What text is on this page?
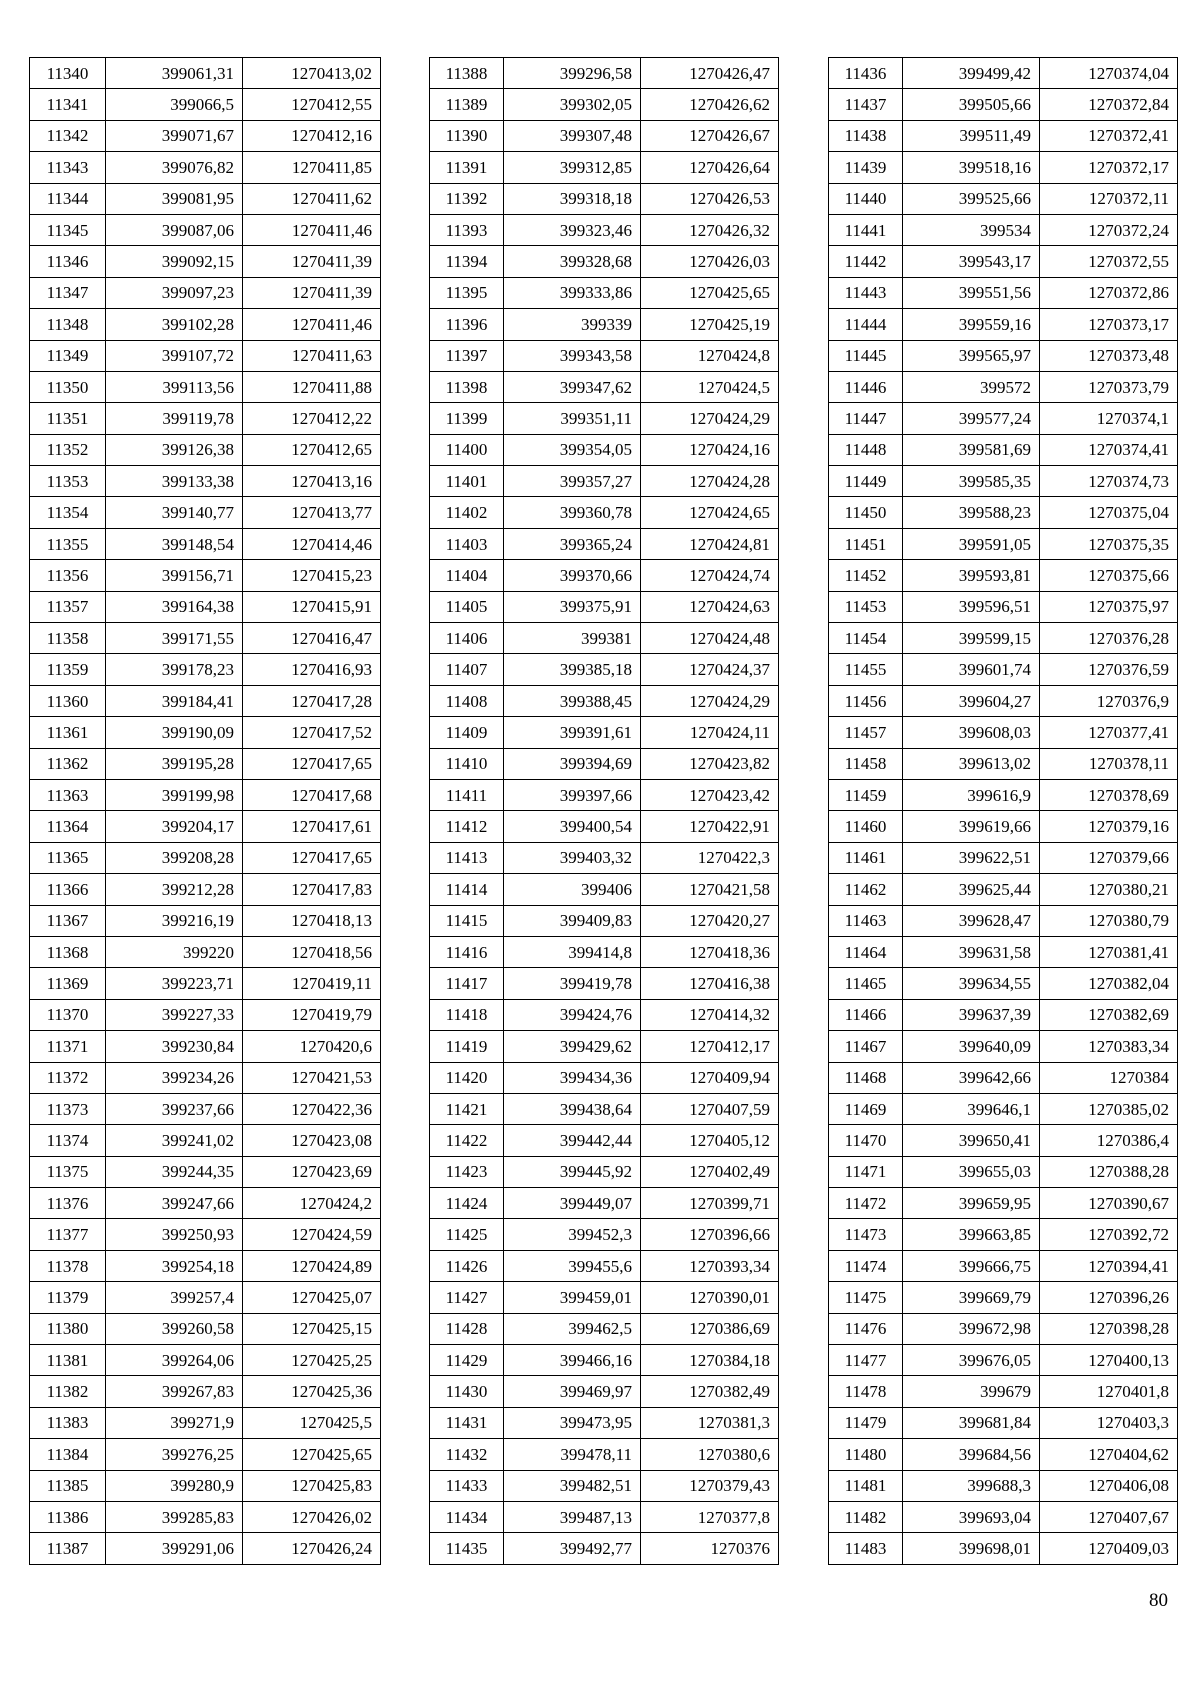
11340	399061,31	1270413,02
11341	399066,5	1270412,55
11342	399071,67	1270412,16
11343	399076,82	1270411,85
11344	399081,95	1270411,62
11345	399087,06	1270411,46
11346	399092,15	1270411,39
11347	399097,23	1270411,39
11348	399102,28	1270411,46
11349	399107,72	1270411,63
11350	399113,56	1270411,88
11351	399119,78	1270412,22
11352	399126,38	1270412,65
11353	399133,38	1270413,16
11354	399140,77	1270413,77
11355	399148,54	1270414,46
11356	399156,71	1270415,23
11357	399164,38	1270415,91
11358	399171,55	1270416,47
11359	399178,23	1270416,93
11360	399184,41	1270417,28
11361	399190,09	1270417,52
11362	399195,28	1270417,65
11363	399199,98	1270417,68
11364	399204,17	1270417,61
11365	399208,28	1270417,65
11366	399212,28	1270417,83
11367	399216,19	1270418,13
11368	399220	1270418,56
11369	399223,71	1270419,11
11370	399227,33	1270419,79
11371	399230,84	1270420,6
11372	399234,26	1270421,53
11373	399237,66	1270422,36
11374	399241,02	1270423,08
11375	399244,35	1270423,69
11376	399247,66	1270424,2
11377	399250,93	1270424,59
11378	399254,18	1270424,89
11379	399257,4	1270425,07
11380	399260,58	1270425,15
11381	399264,06	1270425,25
11382	399267,83	1270425,36
11383	399271,9	1270425,5
11384	399276,25	1270425,65
11385	399280,9	1270425,83
11386	399285,83	1270426,02
11387	399291,06	1270426,24
11388	399296,58	1270426,47
11389	399302,05	1270426,62
11390	399307,48	1270426,67
11391	399312,85	1270426,64
11392	399318,18	1270426,53
11393	399323,46	1270426,32
11394	399328,68	1270426,03
11395	399333,86	1270425,65
11396	399339	1270425,19
11397	399343,58	1270424,8
11398	399347,62	1270424,5
11399	399351,11	1270424,29
11400	399354,05	1270424,16
11401	399357,27	1270424,28
11402	399360,78	1270424,65
11403	399365,24	1270424,81
11404	399370,66	1270424,74
11405	399375,91	1270424,63
11406	399381	1270424,48
11407	399385,18	1270424,37
11408	399388,45	1270424,29
11409	399391,61	1270424,11
11410	399394,69	1270423,82
11411	399397,66	1270423,42
11412	399400,54	1270422,91
11413	399403,32	1270422,3
11414	399406	1270421,58
11415	399409,83	1270420,27
11416	399414,8	1270418,36
11417	399419,78	1270416,38
11418	399424,76	1270414,32
11419	399429,62	1270412,17
11420	399434,36	1270409,94
11421	399438,64	1270407,59
11422	399442,44	1270405,12
11423	399445,92	1270402,49
11424	399449,07	1270399,71
11425	399452,3	1270396,66
11426	399455,6	1270393,34
11427	399459,01	1270390,01
11428	399462,5	1270386,69
11429	399466,16	1270384,18
11430	399469,97	1270382,49
11431	399473,95	1270381,3
11432	399478,11	1270380,6
11433	399482,51	1270379,43
11434	399487,13	1270377,8
11435	399492,77	1270376
11436	399499,42	1270374,04
11437	399505,66	1270372,84
11438	399511,49	1270372,41
11439	399518,16	1270372,17
11440	399525,66	1270372,11
11441	399534	1270372,24
11442	399543,17	1270372,55
11443	399551,56	1270372,86
11444	399559,16	1270373,17
11445	399565,97	1270373,48
11446	399572	1270373,79
11447	399577,24	1270374,1
11448	399581,69	1270374,41
11449	399585,35	1270374,73
11450	399588,23	1270375,04
11451	399591,05	1270375,35
11452	399593,81	1270375,66
11453	399596,51	1270375,97
11454	399599,15	1270376,28
11455	399601,74	1270376,59
11456	399604,27	1270376,9
11457	399608,03	1270377,41
11458	399613,02	1270378,11
11459	399616,9	1270378,69
11460	399619,66	1270379,16
11461	399622,51	1270379,66
11462	399625,44	1270380,21
11463	399628,47	1270380,79
11464	399631,58	1270381,41
11465	399634,55	1270382,04
11466	399637,39	1270382,69
11467	399640,09	1270383,34
11468	399642,66	1270384
11469	399646,1	1270385,02
11470	399650,41	1270386,4
11471	399655,03	1270388,28
11472	399659,95	1270390,67
11473	399663,85	1270392,72
11474	399666,75	1270394,41
11475	399669,79	1270396,26
11476	399672,98	1270398,28
11477	399676,05	1270400,13
11478	399679	1270401,8
11479	399681,84	1270403,3
11480	399684,56	1270404,62
11481	399688,3	1270406,08
11482	399693,04	1270407,67
11483	399698,01	1270409,03
80
